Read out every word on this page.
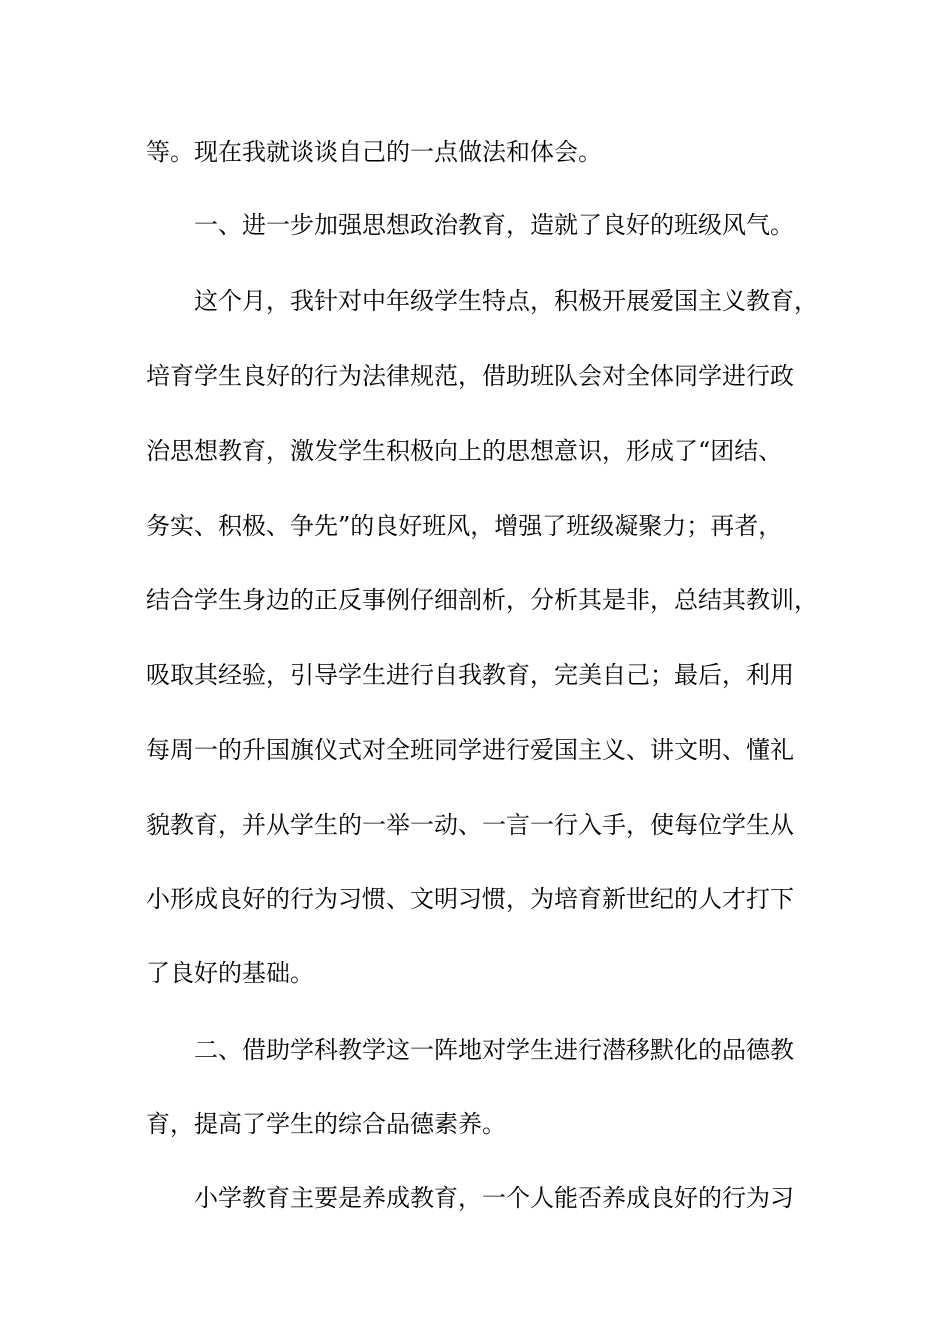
等。现在我就谈谈自己的一点做法和体会。
一、进一步加强思想政治教育，造就了良好的班级风气。
这个月，我针对中年级学生特点，积极开展爱国主义教育，
培育学生良好的行为法律规范，借助班队会对全体同学进行政
治思想教育，激发学生积极向上的思想意识，形成了“团结、
务实、积极、争先”的良好班风，增强了班级凝聚力；再者，
结合学生身边的正反事例仔细剖析，分析其是非，总结其教训，
吸取其经验，引导学生进行自我教育，完美自己；最后，利用
每周一的升国旗仪式对全班同学进行爱国主义、讲文明、懂礼
貌教育，并从学生的一举一动、一言一行入手，使每位学生从
小形成良好的行为习惯、文明习惯，为培育新世纪的人才打下
了良好的基础。
二、借助学科教学这一阵地对学生进行潜移默化的品德教
育，提高了学生的综合品德素养。
小学教育主要是养成教育，一个人能否养成良好的行为习
